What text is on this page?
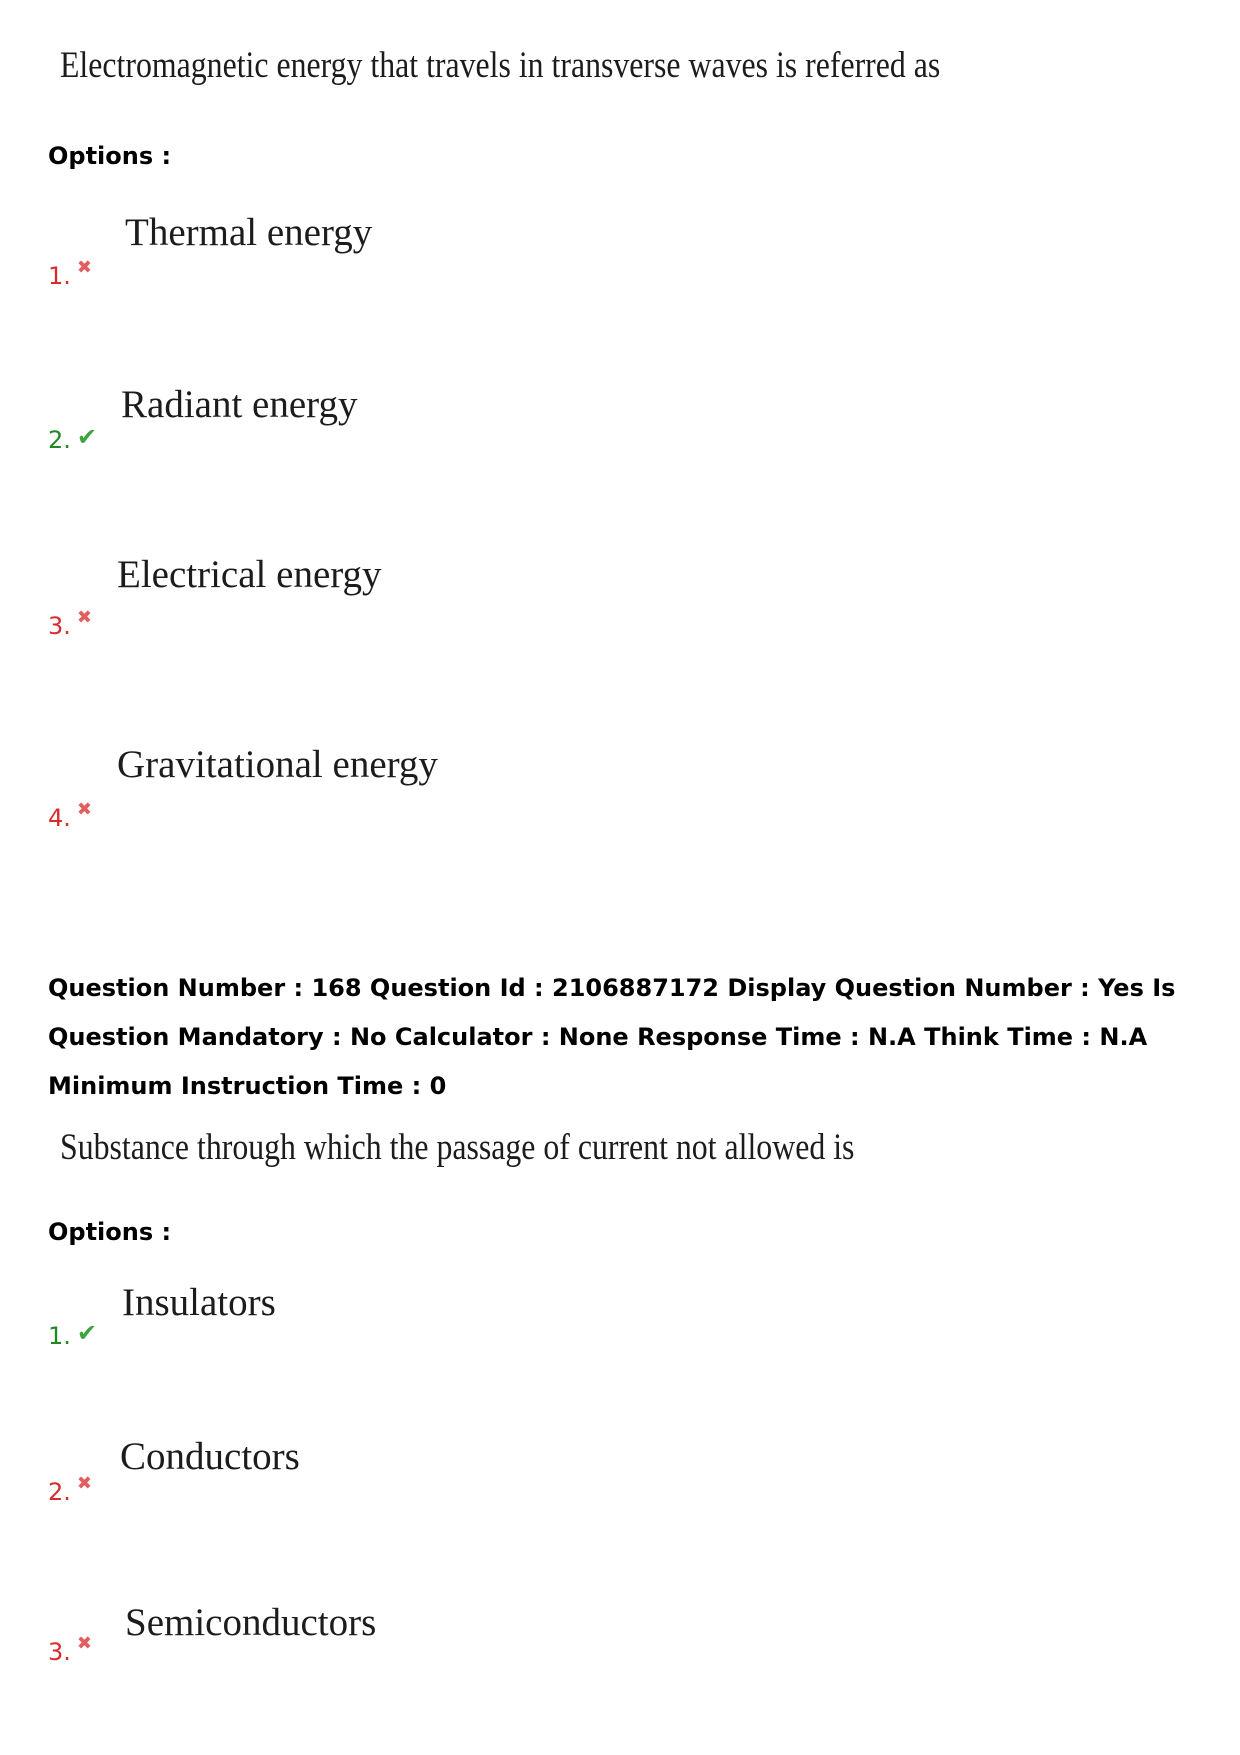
Electromagnetic energy that travels in transverse waves is referred as
Options :
Thermal energy
1. ✖
Radiant energy
2. ✔
Electrical energy
3. ✖
Gravitational energy
4. ✖
Question Number : 168 Question Id : 2106887172 Display Question Number : Yes Is Question Mandatory : No Calculator : None Response Time : N.A Think Time : N.A Minimum Instruction Time : 0
Substance through which the passage of current not allowed is
Options :
Insulators
1. ✔
Conductors
2. ✖
Semiconductors
3. ✖
